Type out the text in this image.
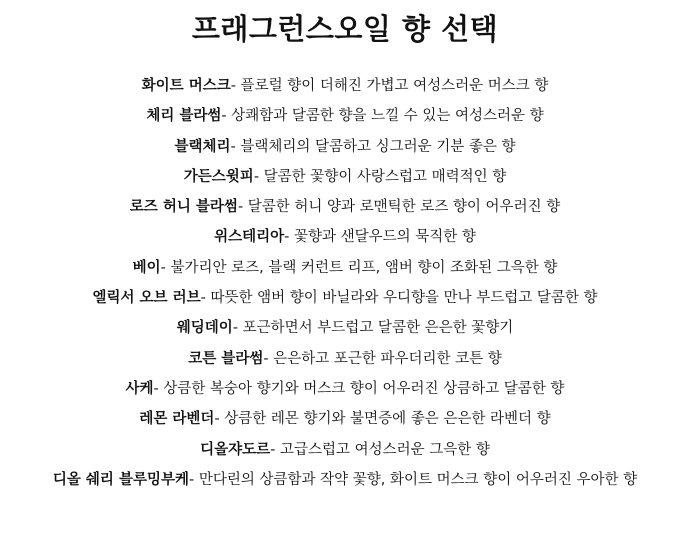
프래그런스오일 향 선택
화이트 머스크- 플로럴 향이 더해진 가볍고 여성스러운 머스크 향
체리 블라썸- 상쾌함과 달콤한 향을 느낄 수 있는 여성스러운 향
블랙체리- 블랙체리의 달콤하고 싱그러운 기분 좋은 향
가든스윗피- 달콤한 꽃향이 사랑스럽고 매력적인 향
로즈 허니 블라썸- 달콤한 허니 양과 로맨틱한 로즈 향이 어우러진 향
위스테리아- 꽃향과 샌달우드의 묵직한 향
베이- 불가리안 로즈, 블랙 커런트 리프, 앰버 향이 조화된 그윽한 향
엘릭서 오브 러브- 따뜻한 앰버 향이 바닐라와 우디향을 만나 부드럽고 달콤한 향
웨딩데이- 포근하면서 부드럽고 달콤한 은은한 꽃향기
코튼 블라썸- 은은하고 포근한 파우더리한 코튼 향
사케- 상큼한 복숭아 향기와 머스크 향이 어우러진 상큼하고 달콤한 향
레몬 라벤더- 상큼한 레몬 향기와 불면증에 좋은 은은한 라벤더 향
디올쟈도르- 고급스럽고 여성스러운 그윽한 향
디올 쉐리 블루밍부케- 만다린의 상큼함과 작약 꽃향, 화이트 머스크 향이 어우러진 우아한 향
